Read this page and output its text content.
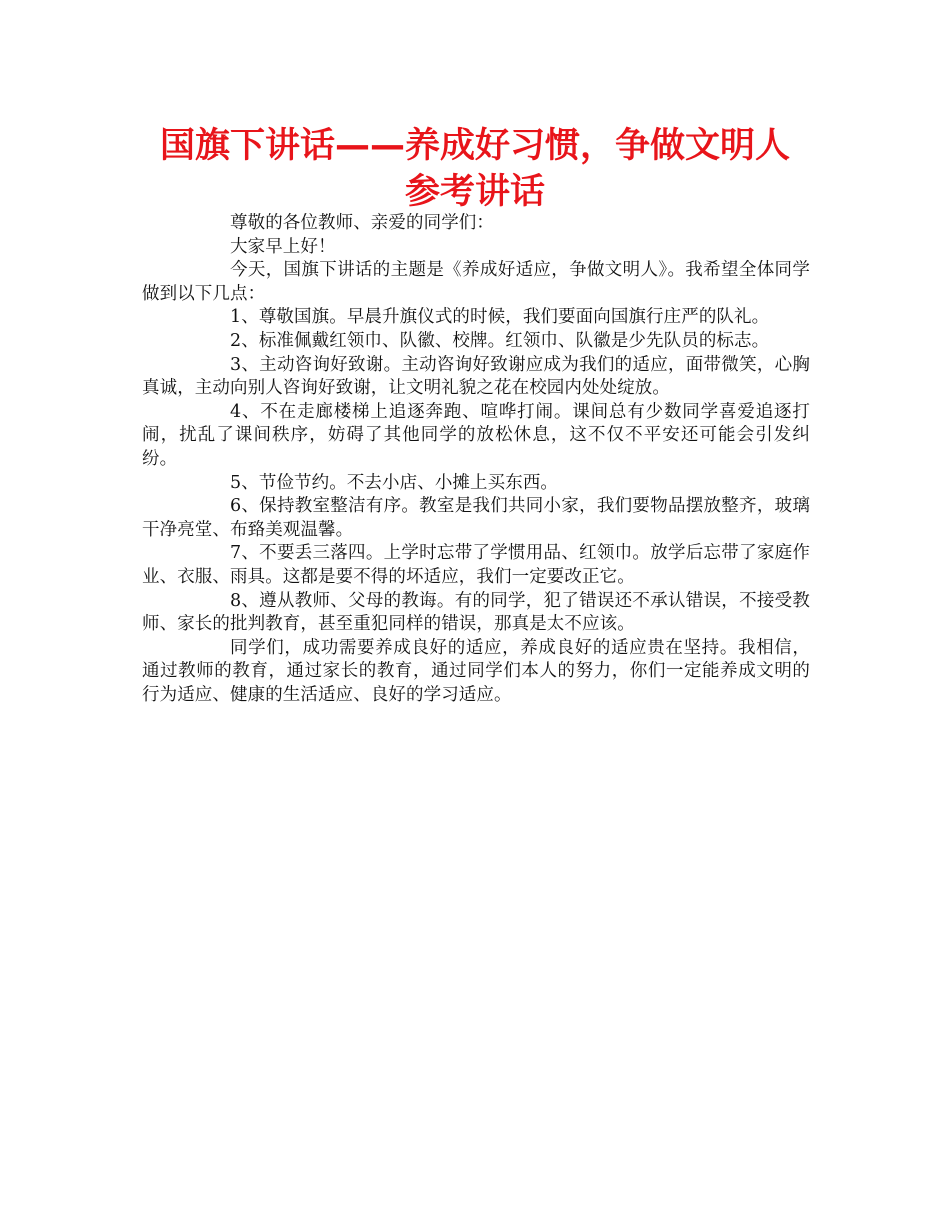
国旗下讲话——养成好习惯，争做文明人
参考讲话

尊敬的各位教师、亲爱的同学们：

大家早上好！

今天，国旗下讲话的主题是《养成好适应，争做文明人》。我希望全体同学做到以下几点：

1、尊敬国旗。早晨升旗仪式的时候，我们要面向国旗行庄严的队礼。

2、标准佩戴红领巾、队徽、校牌。红领巾、队徽是少先队员的标志。

3、主动咨询好致谢。主动咨询好致谢应成为我们的适应，面带微笑，心胸真诚，主动向别人咨询好致谢，让文明礼貌之花在校园内处处绽放。

4、不在走廊楼梯上追逐奔跑、喧哗打闹。课间总有少数同学喜爱追逐打闹，扰乱了课间秩序，妨碍了其他同学的放松休息，这不仅不平安还可能会引发纠纷。

5、节俭节约。不去小店、小摊上买东西。

6、保持教室整洁有序。教室是我们共同小家，我们要物品摆放整齐，玻璃干净亮堂、布臵美观温馨。

7、不要丢三落四。上学时忘带了学惯用品、红领巾。放学后忘带了家庭作业、衣服、雨具。这都是要不得的坏适应，我们一定要改正它。

8、遵从教师、父母的教诲。有的同学，犯了错误还不承认错误，不接受教师、家长的批判教育，甚至重犯同样的错误，那真是太不应该。

同学们，成功需要养成良好的适应，养成良好的适应贵在坚持。我相信，通过教师的教育，通过家长的教育，通过同学们本人的努力，你们一定能养成文明的行为适应、健康的生活适应、良好的学习适应。
